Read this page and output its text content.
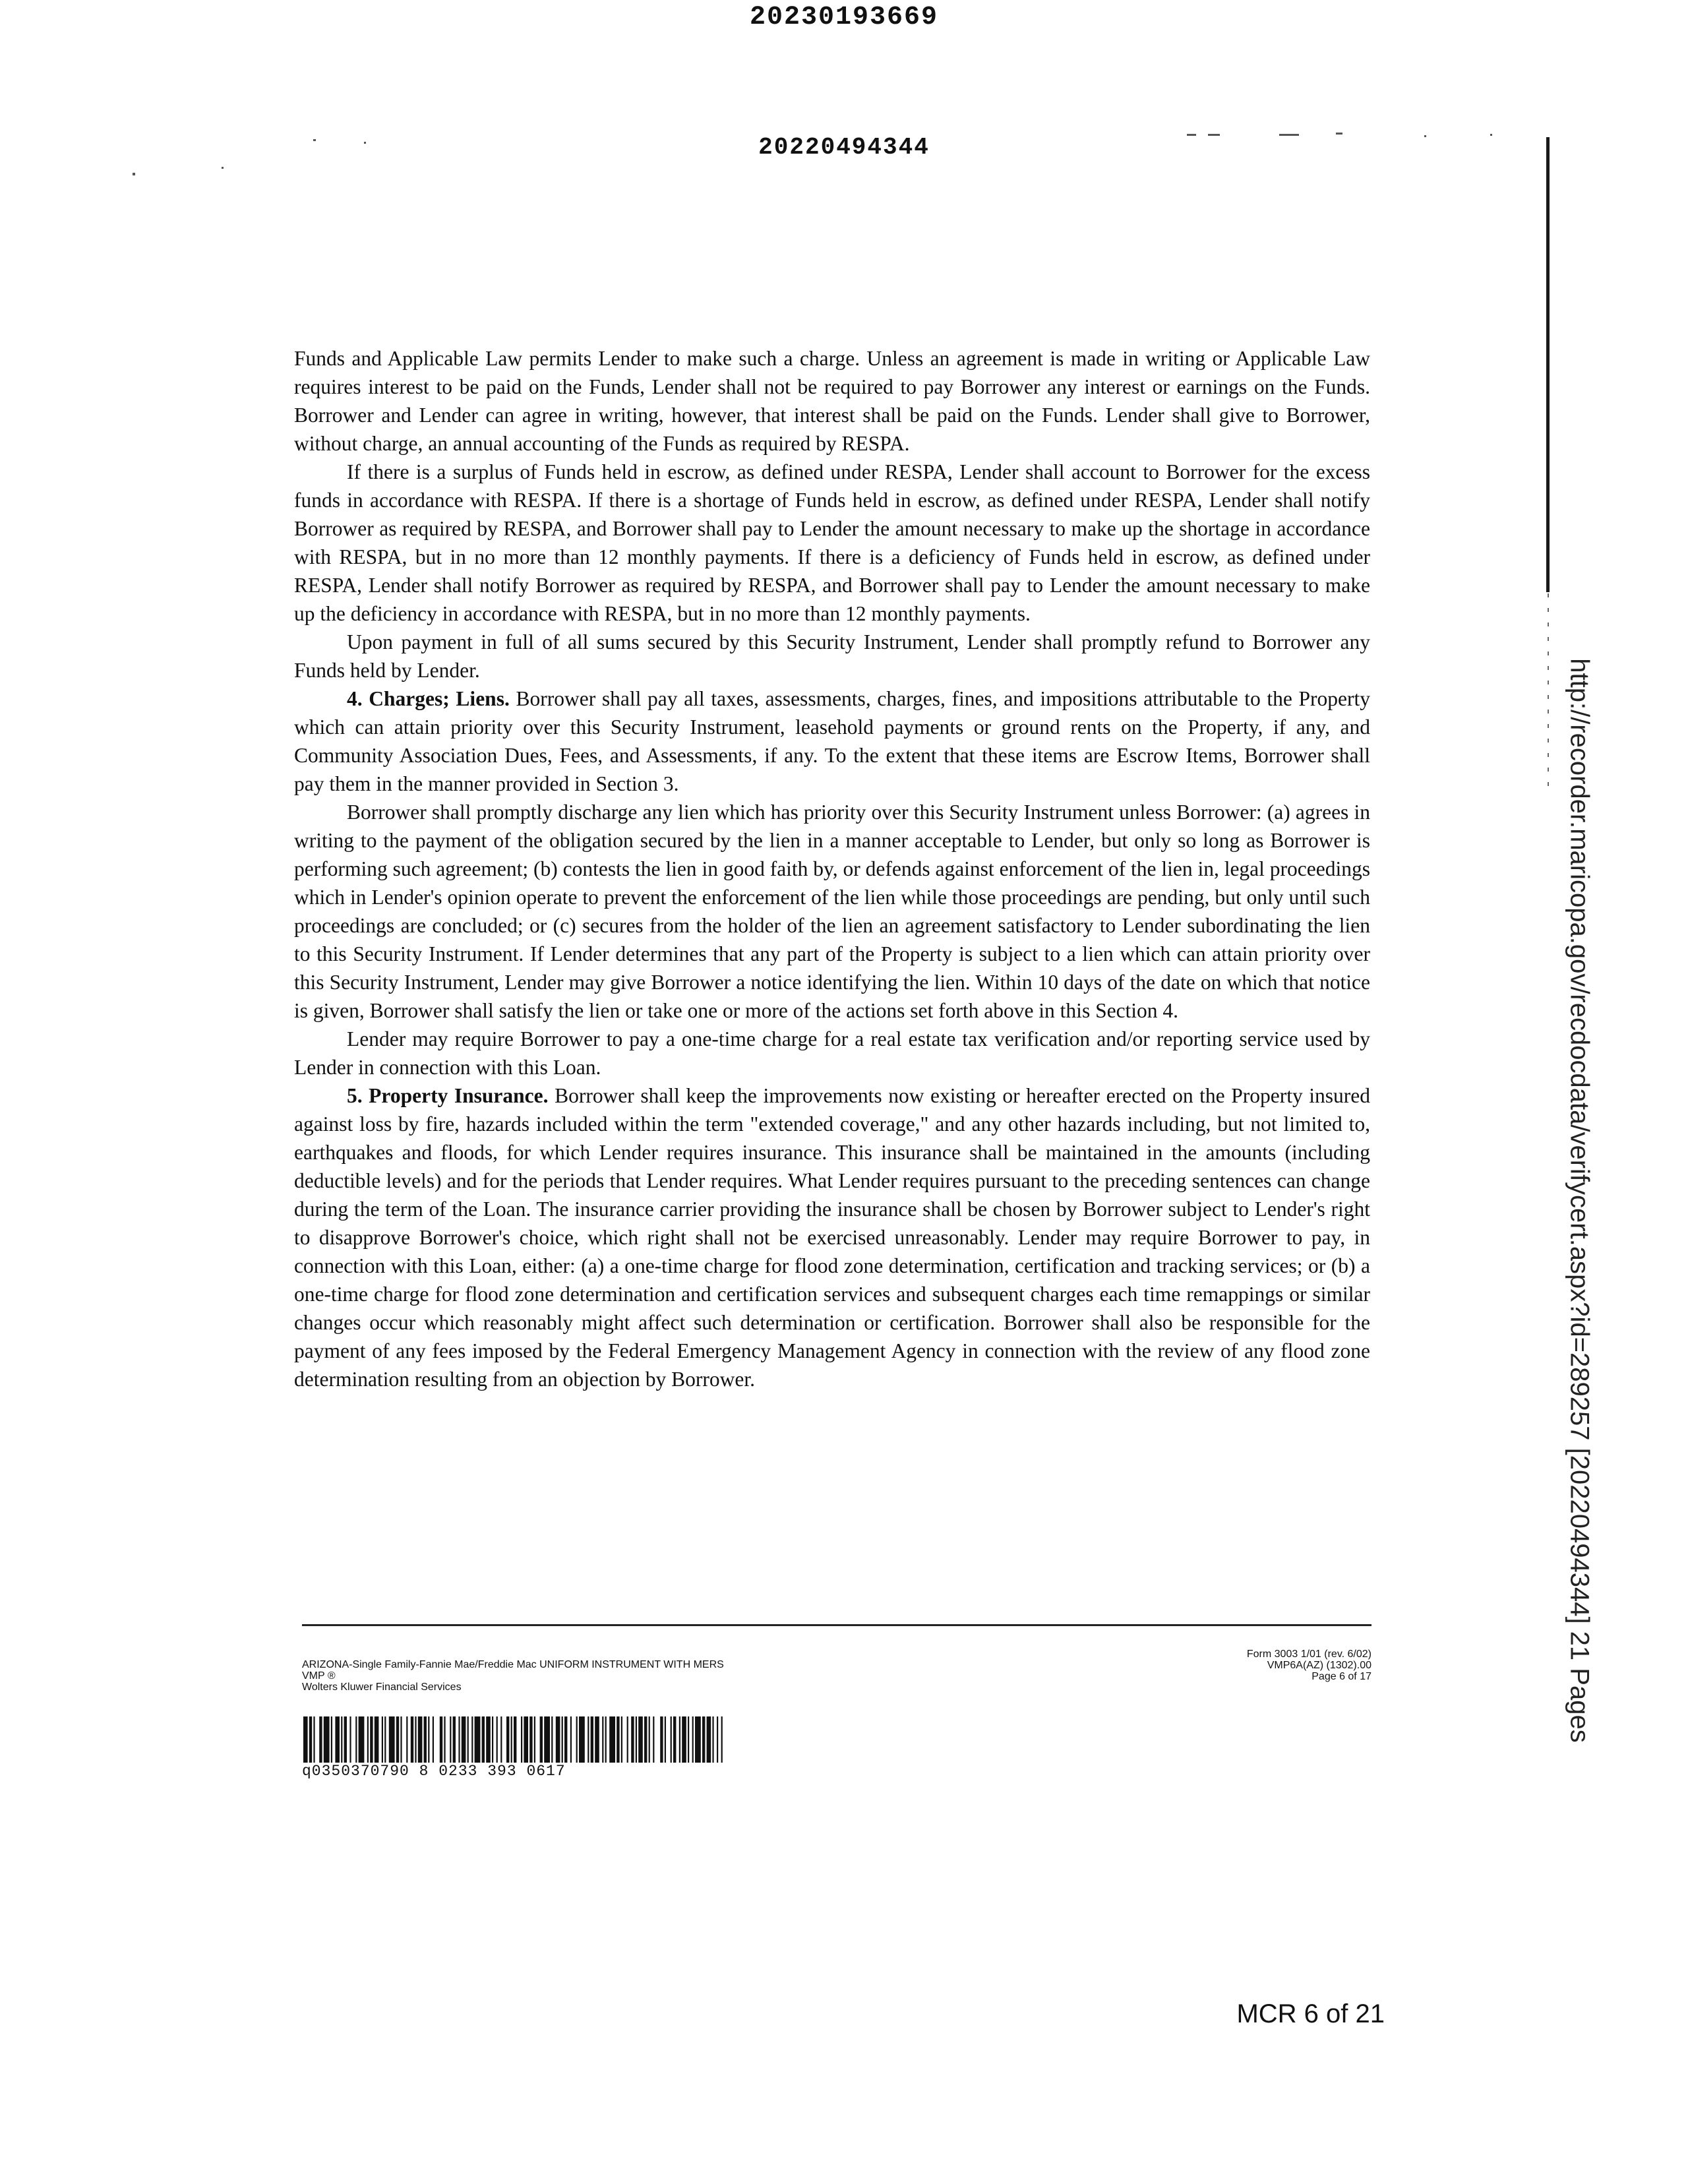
20230193669
20220494344
http://recorder.maricopa.gov/recdocdata/verifycert.aspx?id=289257 [20220494344] 21 Pages

Funds and Applicable Law permits Lender to make such a charge. Unless an agreement is made in writing or Applicable Law requires interest to be paid on the Funds, Lender shall not be required to pay Borrower any interest or earnings on the Funds. Borrower and Lender can agree in writing, however, that interest shall be paid on the Funds. Lender shall give to Borrower, without charge, an annual accounting of the Funds as required by RESPA.

If there is a surplus of Funds held in escrow, as defined under RESPA, Lender shall account to Borrower for the excess funds in accordance with RESPA. If there is a shortage of Funds held in escrow, as defined under RESPA, Lender shall notify Borrower as required by RESPA, and Borrower shall pay to Lender the amount necessary to make up the shortage in accordance with RESPA, but in no more than 12 monthly payments. If there is a deficiency of Funds held in escrow, as defined under RESPA, Lender shall notify Borrower as required by RESPA, and Borrower shall pay to Lender the amount necessary to make up the deficiency in accordance with RESPA, but in no more than 12 monthly payments.

Upon payment in full of all sums secured by this Security Instrument, Lender shall promptly refund to Borrower any Funds held by Lender.

4. Charges; Liens. Borrower shall pay all taxes, assessments, charges, fines, and impositions attributable to the Property which can attain priority over this Security Instrument, leasehold payments or ground rents on the Property, if any, and Community Association Dues, Fees, and Assessments, if any. To the extent that these items are Escrow Items, Borrower shall pay them in the manner provided in Section 3.

Borrower shall promptly discharge any lien which has priority over this Security Instrument unless Borrower: (a) agrees in writing to the payment of the obligation secured by the lien in a manner acceptable to Lender, but only so long as Borrower is performing such agreement; (b) contests the lien in good faith by, or defends against enforcement of the lien in, legal proceedings which in Lender's opinion operate to prevent the enforcement of the lien while those proceedings are pending, but only until such proceedings are concluded; or (c) secures from the holder of the lien an agreement satisfactory to Lender subordinating the lien to this Security Instrument. If Lender determines that any part of the Property is subject to a lien which can attain priority over this Security Instrument, Lender may give Borrower a notice identifying the lien. Within 10 days of the date on which that notice is given, Borrower shall satisfy the lien or take one or more of the actions set forth above in this Section 4.

Lender may require Borrower to pay a one-time charge for a real estate tax verification and/or reporting service used by Lender in connection with this Loan.

5. Property Insurance. Borrower shall keep the improvements now existing or hereafter erected on the Property insured against loss by fire, hazards included within the term "extended coverage," and any other hazards including, but not limited to, earthquakes and floods, for which Lender requires insurance. This insurance shall be maintained in the amounts (including deductible levels) and for the periods that Lender requires. What Lender requires pursuant to the preceding sentences can change during the term of the Loan. The insurance carrier providing the insurance shall be chosen by Borrower subject to Lender's right to disapprove Borrower's choice, which right shall not be exercised unreasonably. Lender may require Borrower to pay, in connection with this Loan, either: (a) a one-time charge for flood zone determination, certification and tracking services; or (b) a one-time charge for flood zone determination and certification services and subsequent charges each time remappings or similar changes occur which reasonably might affect such determination or certification. Borrower shall also be responsible for the payment of any fees imposed by the Federal Emergency Management Agency in connection with the review of any flood zone determination resulting from an objection by Borrower.

ARIZONA-Single Family-Fannie Mae/Freddie Mac UNIFORM INSTRUMENT WITH MERS
VMP ®
Wolters Kluwer Financial Services
Form 3003 1/01 (rev. 6/02)
VMP6A(AZ) (1302).00
Page 6 of 17
q0350370790 8 0233 393 0617
MCR 6 of 21
